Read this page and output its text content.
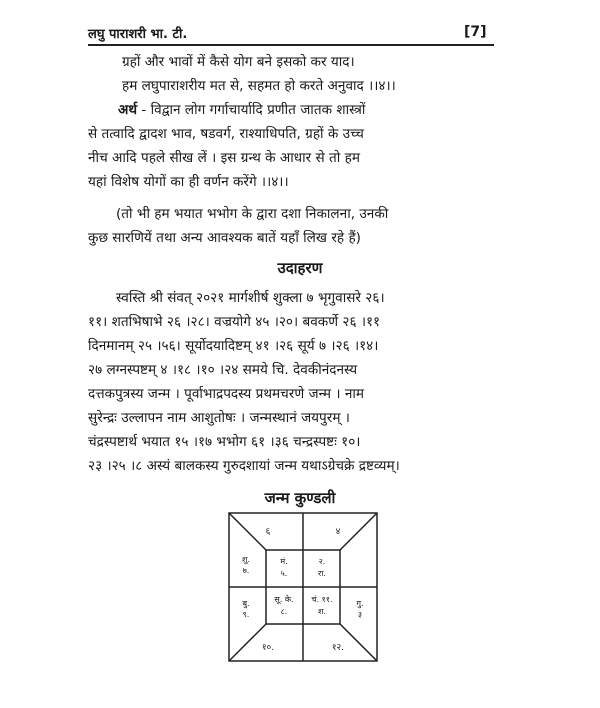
लघु पाराशरी भा. टी.	[7]
ग्रहों और भावों में कैसे योग बने इसको कर याद।
हम लघुपाराशरीय मत से, सहमत हो करते अनुवाद ।।४।।
अर्थ - विद्वान लोग गर्गाचार्यादि प्रणीत जातक शास्त्रों
से तत्वादि द्वादश भाव, षडवर्ग, राश्याधिपति, ग्रहों के उच्च
नीच आदि पहले सीख लें । इस ग्रन्थ के आधार से तो हम
यहां विशेष योगों का ही वर्णन करेंगे ।।४।।
(तो भी हम भयात भभोग के द्वारा दशा निकालना, उनकी
कुछ सारणियें तथा अन्य आवश्यक बातें यहाँ लिख रहे हैं)
उदाहरण
स्वस्ति श्री संवत् २०२१ मार्गशीर्ष शुक्ला ७ भृगुवासरे २६।
११। शतभिषाभे २६ ।२८। वज्रयोगे ४५ ।२०। बवकर्णे २६ ।११
दिनमानम् २५ ।५६। सूर्योदयादिष्टम् ४१ ।२६ सूर्य ७ ।२६ ।१४।
२७ लग्नस्पष्टम् ४ ।१८ ।१० ।२४ समये चि. देवकीनंदनस्य
दत्तकपुत्रस्य जन्म । पूर्वाभाद्रपदस्य प्रथमचरणे जन्म । नाम
सुरेन्द्रः उल्लापन नाम आशुतोषः । जन्मस्थानं जयपुरम् ।
चंद्रस्पष्टार्थ भयात १५ ।१७ भभोग ६१ ।३६ चन्द्रस्पष्टः १०।
२३ ।२५ ।८ अस्यं बालकस्य गुरुदशायां जन्म यथाऽग्रेचक्रे द्रष्टव्यम्।
जन्म कुण्डली
६	४
शु.
७.
मं.
५.
२.
रा.
बु.
९.
सू. के.
८.
चं. ११.
श.
गु.
३
१०.	१२.
